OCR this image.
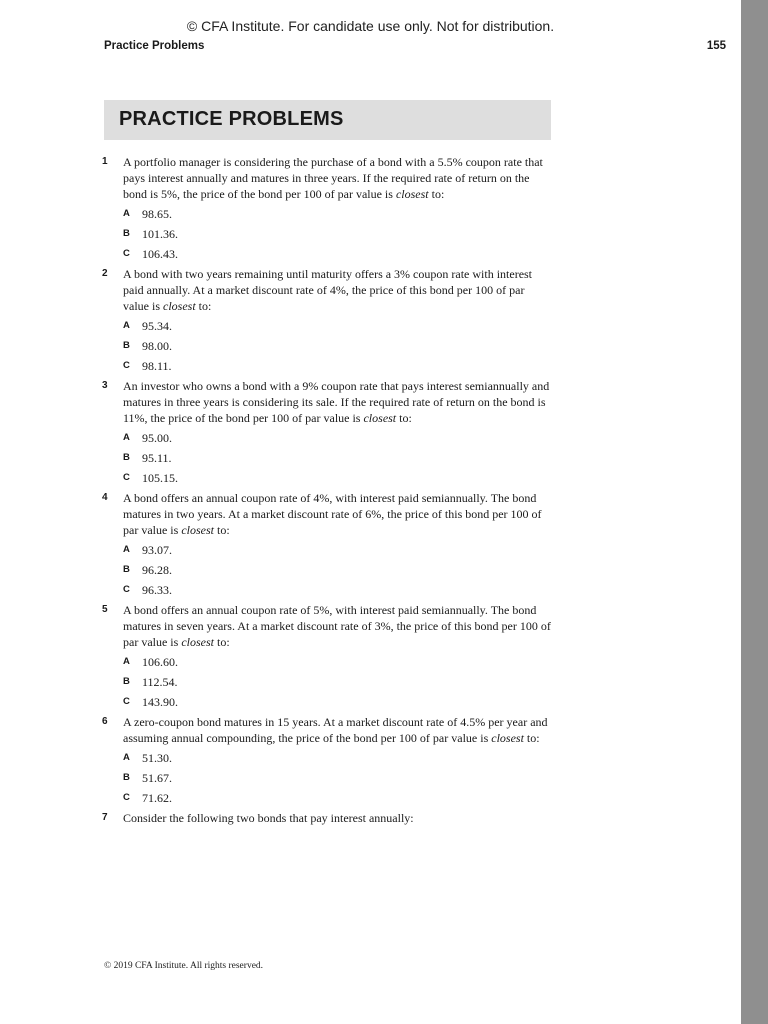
© CFA Institute. For candidate use only. Not for distribution.
Practice Problems	155
PRACTICE PROBLEMS
1 A portfolio manager is considering the purchase of a bond with a 5.5% coupon rate that pays interest annually and matures in three years. If the required rate of return on the bond is 5%, the price of the bond per 100 of par value is closest to:
A 98.65.
B 101.36.
C 106.43.
2 A bond with two years remaining until maturity offers a 3% coupon rate with interest paid annually. At a market discount rate of 4%, the price of this bond per 100 of par value is closest to:
A 95.34.
B 98.00.
C 98.11.
3 An investor who owns a bond with a 9% coupon rate that pays interest semiannually and matures in three years is considering its sale. If the required rate of return on the bond is 11%, the price of the bond per 100 of par value is closest to:
A 95.00.
B 95.11.
C 105.15.
4 A bond offers an annual coupon rate of 4%, with interest paid semiannually. The bond matures in two years. At a market discount rate of 6%, the price of this bond per 100 of par value is closest to:
A 93.07.
B 96.28.
C 96.33.
5 A bond offers an annual coupon rate of 5%, with interest paid semiannually. The bond matures in seven years. At a market discount rate of 3%, the price of this bond per 100 of par value is closest to:
A 106.60.
B 112.54.
C 143.90.
6 A zero-coupon bond matures in 15 years. At a market discount rate of 4.5% per year and assuming annual compounding, the price of the bond per 100 of par value is closest to:
A 51.30.
B 51.67.
C 71.62.
7 Consider the following two bonds that pay interest annually:
© 2019 CFA Institute. All rights reserved.
